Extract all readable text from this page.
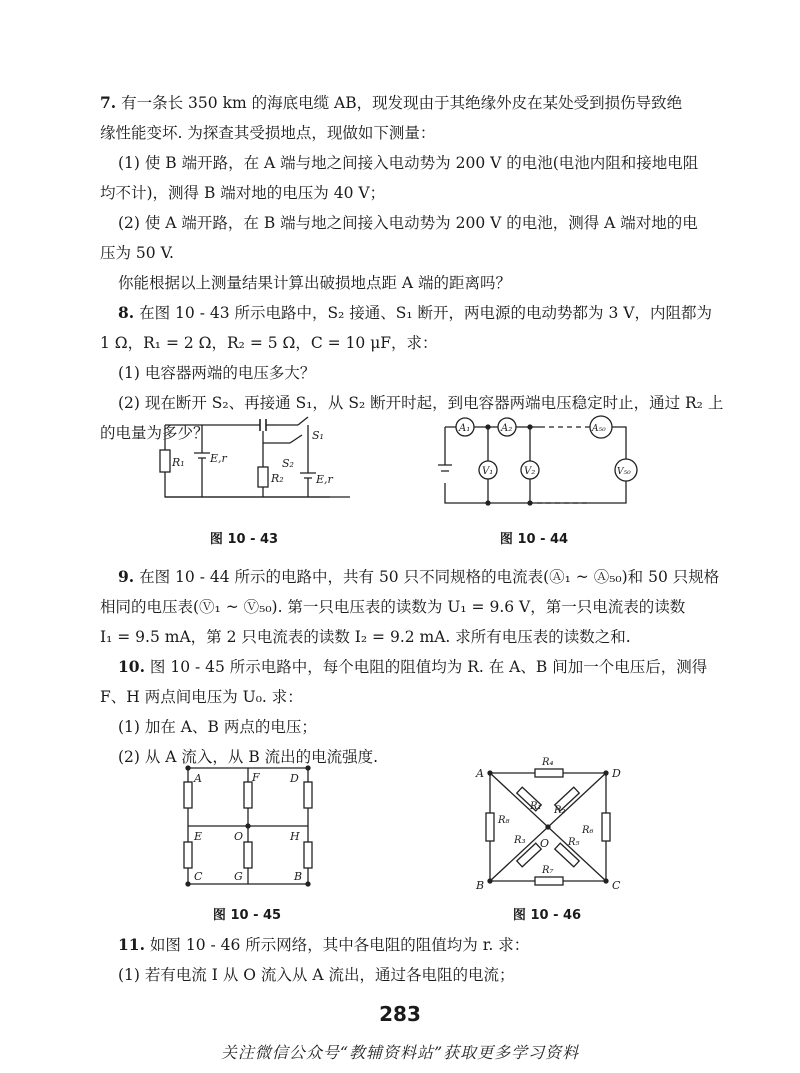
7. 有一条长 350 km 的海底电缆 AB，现发现由于其绝缘外皮在某处受到损伤导致绝
缘性能变坏. 为探查其受损地点，现做如下测量：
(1) 使 B 端开路，在 A 端与地之间接入电动势为 200 V 的电池(电池内阻和接地电阻
均不计)，测得 B 端对地的电压为 40 V；
(2) 使 A 端开路，在 B 端与地之间接入电动势为 200 V 的电池，测得 A 端对地的电
压为 50 V.
你能根据以上测量结果计算出破损地点距 A 端的距离吗？
8. 在图 10 - 43 所示电路中，S₂ 接通、S₁ 断开，两电源的电动势都为 3 V，内阻都为
1 Ω，R₁ = 2 Ω，R₂ = 5 Ω，C = 10 μF，求：
(1) 电容器两端的电压多大？
(2) 现在断开 S₂、再接通 S₁，从 S₂ 断开时起，到电容器两端电压稳定时止，通过 R₂ 上
的电量为多少？
R₁ E,r
S₁
S₂
R₂	E,r
图 10 - 43
A₁	A₂	A₅₀
V₁	V₂	V₅₀
图 10 - 44
9. 在图 10 - 44 所示的电路中，共有 50 只不同规格的电流表(Ⓐ₁ ~ Ⓐ₅₀)和 50 只规格
相同的电压表(Ⓥ₁ ~ Ⓥ₅₀). 第一只电压表的读数为 U₁ = 9.6 V，第一只电流表的读数
I₁ = 9.5 mA，第 2 只电流表的读数 I₂ = 9.2 mA. 求所有电压表的读数之和.
10. 图 10 - 45 所示电路中，每个电阻的阻值均为 R. 在 A、B 间加一个电压后，测得
F、H 两点间电压为 U₀. 求：
(1) 加在 A、B 两点的电压；
(2) 从 A 流入，从 B 流出的电流强度.
A	F	D
E	O	H
C	G	B
图 10 - 45
A	D
B	C
O
R₁ R₂
R₃
R₄
R₅
R₆
R₇
R₈
图 10 - 46
11. 如图 10 - 46 所示网络，其中各电阻的阻值均为 r. 求：
(1) 若有电流 I 从 O 流入从 A 流出，通过各电阻的电流；
283
关注微信公众号“教辅资料站”获取更多学习资料
